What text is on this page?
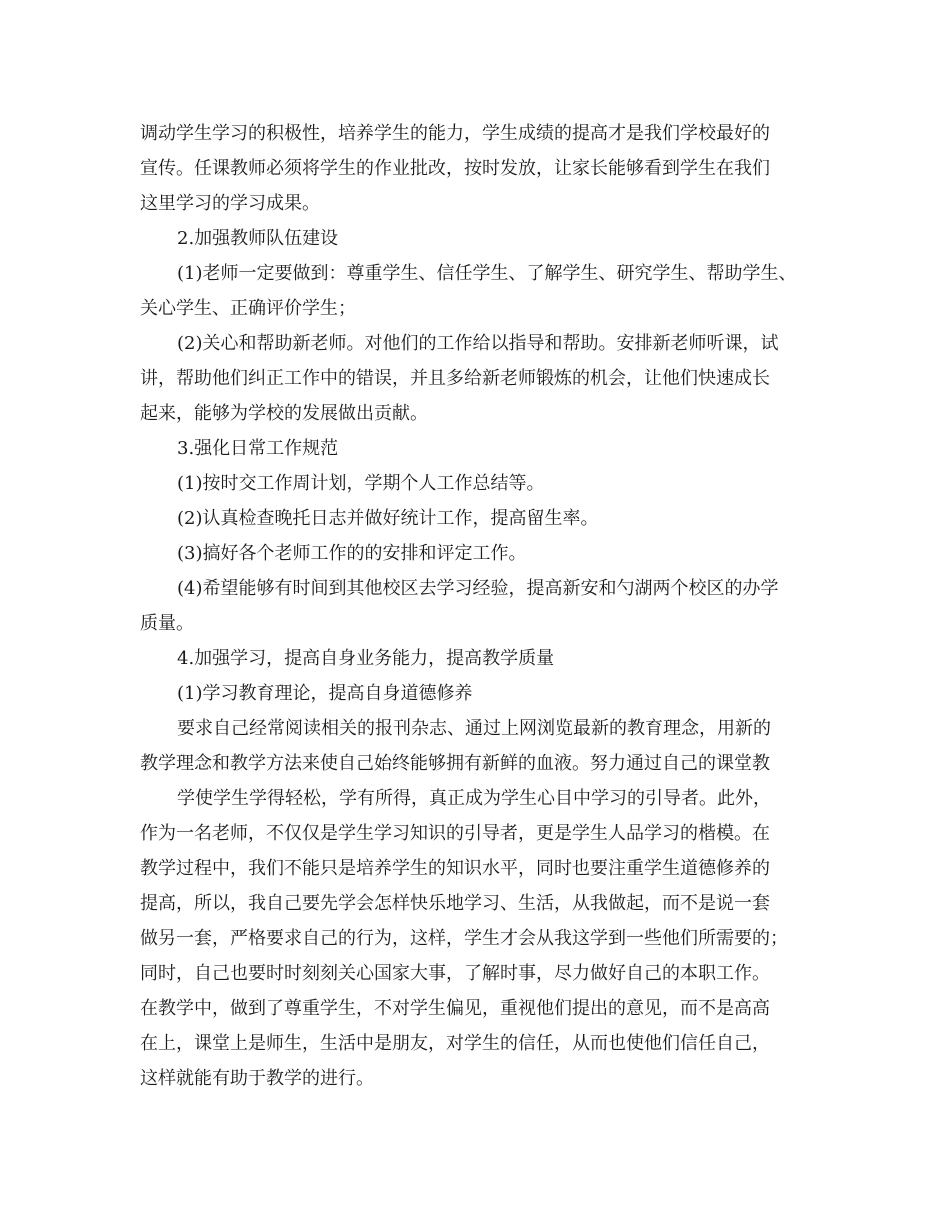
调动学生学习的积极性，培养学生的能力，学生成绩的提高才是我们学校最好的
宣传。任课教师必须将学生的作业批改，按时发放，让家长能够看到学生在我们
这里学习的学习成果。
2.加强教师队伍建设
(1)老师一定要做到：尊重学生、信任学生、了解学生、研究学生、帮助学生、
关心学生、正确评价学生；
(2)关心和帮助新老师。对他们的工作给以指导和帮助。安排新老师听课，试
讲，帮助他们纠正工作中的错误，并且多给新老师锻炼的机会，让他们快速成长
起来，能够为学校的发展做出贡献。
3.强化日常工作规范
(1)按时交工作周计划，学期个人工作总结等。
(2)认真检查晚托日志并做好统计工作，提高留生率。
(3)搞好各个老师工作的的安排和评定工作。
(4)希望能够有时间到其他校区去学习经验，提高新安和勺湖两个校区的办学
质量。
4.加强学习，提高自身业务能力，提高教学质量
(1)学习教育理论，提高自身道德修养
要求自己经常阅读相关的报刊杂志、通过上网浏览最新的教育理念，用新的
教学理念和教学方法来使自己始终能够拥有新鲜的血液。努力通过自己的课堂教
学使学生学得轻松，学有所得，真正成为学生心目中学习的引导者。此外，
作为一名老师，不仅仅是学生学习知识的引导者，更是学生人品学习的楷模。在
教学过程中，我们不能只是培养学生的知识水平，同时也要注重学生道德修养的
提高，所以，我自己要先学会怎样快乐地学习、生活，从我做起，而不是说一套
做另一套，严格要求自己的行为，这样，学生才会从我这学到一些他们所需要的；
同时，自己也要时时刻刻关心国家大事，了解时事，尽力做好自己的本职工作。
在教学中，做到了尊重学生，不对学生偏见，重视他们提出的意见，而不是高高
在上，课堂上是师生，生活中是朋友，对学生的信任，从而也使他们信任自己，
这样就能有助于教学的进行。
